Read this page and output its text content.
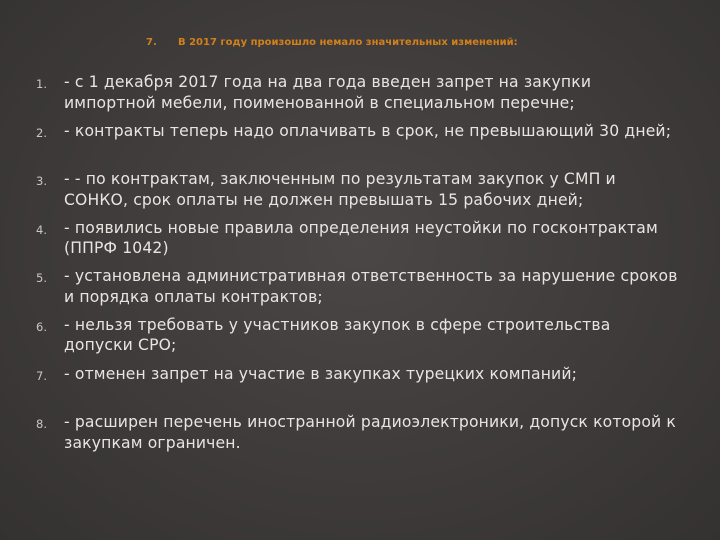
7. В 2017 году произошло немало значительных изменений:
1. - с 1 декабря 2017 года на два года введен запрет на закупки импортной мебели, поименованной в специальном перечне;
2. - контракты теперь надо оплачивать в срок, не превышающий 30 дней;
3. - - по контрактам, заключенным по результатам закупок у СМП и СОНКО, срок оплаты не должен превышать 15 рабочих дней;
4. - появились новые правила определения неустойки по госконтрактам (ППРФ 1042)
5. - установлена административная ответственность за нарушение сроков и порядка оплаты контрактов;
6. - нельзя требовать у участников закупок в сфере строительства допуски СРО;
7. - отменен запрет на участие в закупках турецких компаний;
8. - расширен перечень иностранной радиоэлектроники, допуск которой к закупкам ограничен.
